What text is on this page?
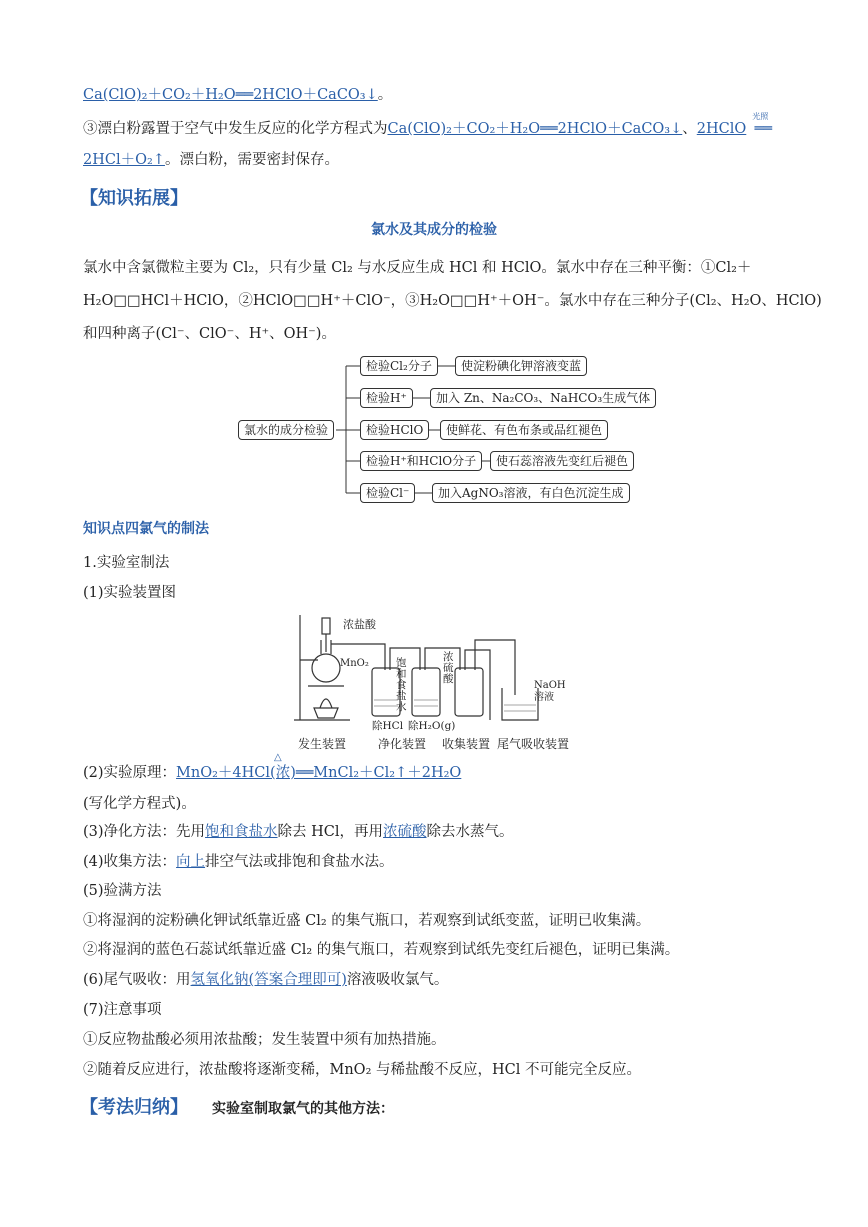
Ca(ClO)₂＋CO₂＋H₂O══2HClO＋CaCO₃↓。
③漂白粉露置于空气中发生反应的化学方程式为Ca(ClO)₂＋CO₂＋H₂O══2HClO＋CaCO₃↓、2HClO
光照
══
2HCl＋O₂↑。漂白粉，需要密封保存。
【知识拓展】
氯水及其成分的检验
氯水中含氯微粒主要为 Cl₂，只有少量 Cl₂ 与水反应生成 HCl 和 HClO。氯水中存在三种平衡：①Cl₂＋
H₂O□□HCl＋HClO，②HClO□□H⁺＋ClO⁻，③H₂O□□H⁺＋OH⁻。氯水中存在三种分子(Cl₂、H₂O、HClO)
和四种离子(Cl⁻、ClO⁻、H⁺、OH⁻)。
氯水的成分检验
检验Cl₂分子	使淀粉碘化钾溶液变蓝
检验H⁺	加入 Zn、Na₂CO₃、NaHCO₃生成气体
检验HClO	使鲜花、有色布条或品红褪色
检验H⁺和HClO分子	使石蕊溶液先变红后褪色
检验Cl⁻	加入AgNO₃溶液，有白色沉淀生成
知识点四氯气的制法
1.实验室制法
(1)实验装置图
浓盐酸
MnO₂	饱和食盐水
浓硫酸
NaOH溶液
除HCl 除H₂O(g)
发生装置	净化装置 收集装置 尾气吸收装置
(2)实验原理：MnO₂＋4HCl(浓)══MnCl₂＋Cl₂↑＋2H₂O
△
(写化学方程式)。
(3)净化方法：先用饱和食盐水除去 HCl，再用浓硫酸除去水蒸气。
(4)收集方法：向上排空气法或排饱和食盐水法。
(5)验满方法
①将湿润的淀粉碘化钾试纸靠近盛 Cl₂ 的集气瓶口，若观察到试纸变蓝，证明已收集满。
②将湿润的蓝色石蕊试纸靠近盛 Cl₂ 的集气瓶口，若观察到试纸先变红后褪色，证明已集满。
(6)尾气吸收：用氢氧化钠(答案合理即可)溶液吸收氯气。
(7)注意事项
①反应物盐酸必须用浓盐酸；发生装置中须有加热措施。
②随着反应进行，浓盐酸将逐渐变稀，MnO₂ 与稀盐酸不反应，HCl 不可能完全反应。
【考法归纳】 实验室制取氯气的其他方法：
